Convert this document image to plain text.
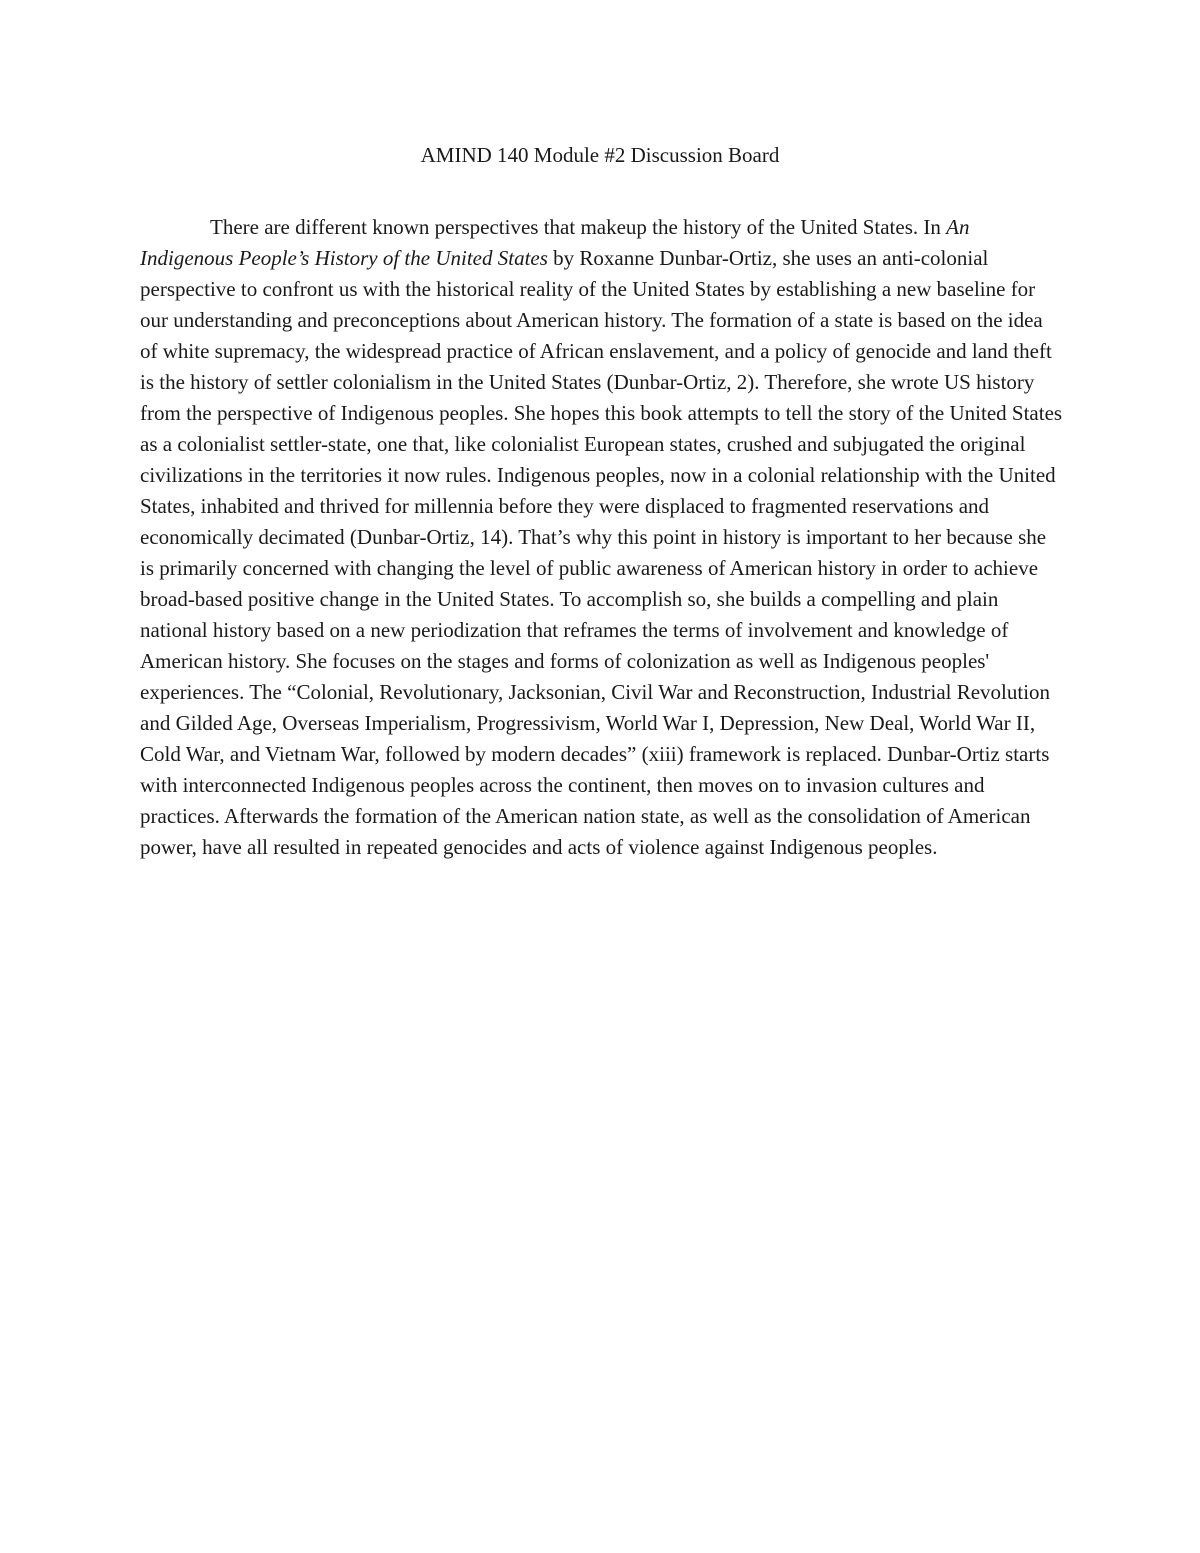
AMIND 140 Module #2 Discussion Board

There are different known perspectives that makeup the history of the United States. In An Indigenous People’s History of the United States by Roxanne Dunbar-Ortiz, she uses an anti-colonial perspective to confront us with the historical reality of the United States by establishing a new baseline for our understanding and preconceptions about American history. The formation of a state is based on the idea of white supremacy, the widespread practice of African enslavement, and a policy of genocide and land theft is the history of settler colonialism in the United States (Dunbar-Ortiz, 2). Therefore, she wrote US history from the perspective of Indigenous peoples. She hopes this book attempts to tell the story of the United States as a colonialist settler-state, one that, like colonialist European states, crushed and subjugated the original civilizations in the territories it now rules. Indigenous peoples, now in a colonial relationship with the United States, inhabited and thrived for millennia before they were displaced to fragmented reservations and economically decimated (Dunbar-Ortiz, 14). That’s why this point in history is important to her because she is primarily concerned with changing the level of public awareness of American history in order to achieve broad-based positive change in the United States. To accomplish so, she builds a compelling and plain national history based on a new periodization that reframes the terms of involvement and knowledge of American history. She focuses on the stages and forms of colonization as well as Indigenous peoples' experiences. The “Colonial, Revolutionary, Jacksonian, Civil War and Reconstruction, Industrial Revolution and Gilded Age, Overseas Imperialism, Progressivism, World War I, Depression, New Deal, World War II, Cold War, and Vietnam War, followed by modern decades” (xiii) framework is replaced. Dunbar-Ortiz starts with interconnected Indigenous peoples across the continent, then moves on to invasion cultures and practices. Afterwards the formation of the American nation state, as well as the consolidation of American power, have all resulted in repeated genocides and acts of violence against Indigenous peoples.
